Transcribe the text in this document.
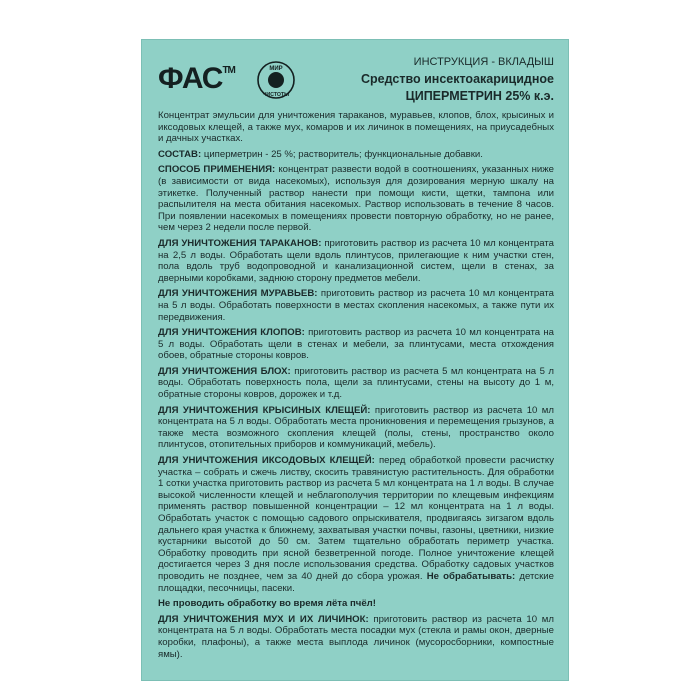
ФАС™	МИР
ЧИСТОТЫ
ИНСТРУКЦИЯ - ВКЛАДЫШ
Средство инсектоакарицидное
ЦИПЕРМЕТРИН 25% к.э.

Концентрат эмульсии для уничтожения тараканов, муравьев, клопов, блох, крысиных и иксодовых клещей, а также мух, комаров и их личинок в помещениях, на приусадебных и дачных участках.

СОСТАВ: циперметрин - 25 %; растворитель; функциональные добавки.

СПОСОБ ПРИМЕНЕНИЯ: концентрат развести водой в соотношениях, указанных ниже (в зависимости от вида насекомых), используя для дозирования мерную шкалу на этикетке. Полученный раствор нанести при помощи кисти, щетки, тампона или распылителя на места обитания насекомых. Раствор использовать в течение 8 часов. При появлении насекомых в помещениях провести повторную обработку, но не ранее, чем через 2 недели после первой.

ДЛЯ УНИЧТОЖЕНИЯ ТАРАКАНОВ: приготовить раствор из расчета 10 мл концентрата на 2,5 л воды. Обработать щели вдоль плинтусов, прилегающие к ним участки стен, пола вдоль труб водопроводной и канализационной систем, щели в стенах, за дверными коробками, заднюю сторону предметов мебели.

ДЛЯ УНИЧТОЖЕНИЯ МУРАВЬЕВ: приготовить раствор из расчета 10 мл концентрата на 5 л воды. Обработать поверхности в местах скопления насекомых, а также пути их передвижения.

ДЛЯ УНИЧТОЖЕНИЯ КЛОПОВ: приготовить раствор из расчета 10 мл концентрата на 5 л воды. Обработать щели в стенах и мебели, за плинтусами, места отхождения обоев, обратные стороны ковров.

ДЛЯ УНИЧТОЖЕНИЯ БЛОХ: приготовить раствор из расчета 5 мл концентрата на 5 л воды. Обработать поверхность пола, щели за плинтусами, стены на высоту до 1 м, обратные стороны ковров, дорожек и т.д.

ДЛЯ УНИЧТОЖЕНИЯ КРЫСИНЫХ КЛЕЩЕЙ: приготовить раствор из расчета 10 мл концентрата на 5 л воды. Обработать места проникновения и перемещения грызунов, а также места возможного скопления клещей (полы, стены, пространство около плинтусов, отопительных приборов и коммуникаций, мебель).

ДЛЯ УНИЧТОЖЕНИЯ ИКСОДОВЫХ КЛЕЩЕЙ: перед обработкой провести расчистку участка – собрать и сжечь листву, скосить травянистую растительность. Для обработки 1 сотки участка приготовить раствор из расчета 5 мл концентрата на 1 л воды. В случае высокой численности клещей и неблагополучия территории по клещевым инфекциям применять раствор повышенной концентрации – 12 мл концентрата на 1 л воды. Обработать участок с помощью садового опрыскивателя, продвигаясь зигзагом вдоль дальнего края участка к ближнему, захватывая участки почвы, газоны, цветники, низкие кустарники высотой до 50 см. Затем тщательно обработать периметр участка. Обработку проводить при ясной безветренной погоде. Полное уничтожение клещей достигается через 3 дня после использования средства. Обработку садовых участков проводить не позднее, чем за 40 дней до сбора урожая. Не обрабатывать: детские площадки, песочницы, пасеки.

Не проводить обработку во время лёта пчёл!

ДЛЯ УНИЧТОЖЕНИЯ МУХ И ИХ ЛИЧИНОК: приготовить раствор из расчета 10 мл концентрата на 5 л воды. Обработать места посадки мух (стекла и рамы окон, дверные коробки, плафоны), а также места выплода личинок (мусоросборники, компостные ямы).
